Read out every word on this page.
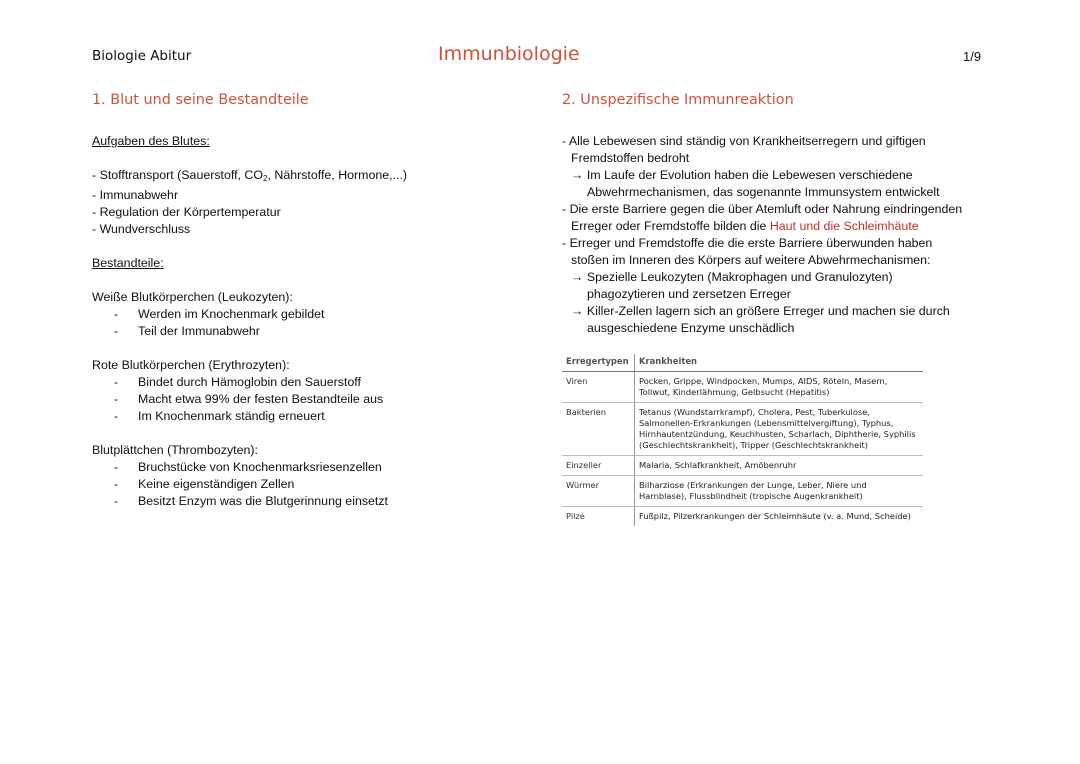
Biologie Abitur	Immunbiologie	1/9
1. Blut und seine Bestandteile
Aufgaben des Blutes:
- Stofftransport (Sauerstoff, $CO_2$, Nährstoffe, Hormone,...)
- Immunabwehr
- Regulation der Körpertemperatur
- Wundverschluss
Bestandteile:
Weiße Blutkörperchen (Leukozyten):
- Werden im Knochenmark gebildet
- Teil der Immunabwehr
Rote Blutkörperchen (Erythrozyten):
- Bindet durch Hämoglobin den Sauerstoff
- Macht etwa 99% der festen Bestandteile aus
- Im Knochenmark ständig erneuert
Blutplättchen (Thrombozyten):
- Bruchstücke von Knochenmarksriesenzellen
- Keine eigenständigen Zellen
- Besitzt Enzym was die Blutgerinnung einsetzt
2. Unspezifische Immunreaktion
- Alle Lebewesen sind ständig von Krankheitserregern und giftigen
Fremdstoffen bedroht
→ Im Laufe der Evolution haben die Lebewesen verschiedene
Abwehrmechanismen, das sogenannte Immunsystem entwickelt
- Die erste Barriere gegen die über Atemluft oder Nahrung eindringenden
Erreger oder Fremdstoffe bilden die Haut und die Schleimhäute
- Erreger und Fremdstoffe die die erste Barriere überwunden haben
stoßen im Inneren des Körpers auf weitere Abwehrmechanismen:
→ Spezielle Leukozyten (Makrophagen und Granulozyten)
phagozytieren und zersetzen Erreger
→ Killer-Zellen lagern sich an größere Erreger und machen sie durch
ausgeschiedene Enzyme unschädlich
Erregertypen	Krankheiten
Viren	Pocken, Grippe, Windpocken, Mumps, AIDS, Röteln, Masern, Tollwut, Kinderlähmung, Gelbsucht (Hepatitis)
Bakterien	Tetanus (Wundstarrkrampf), Cholera, Pest, Tuberkulose, Salmonellen-Erkrankungen (Lebensmittelvergiftung), Typhus, Hirnhautentzündung, Keuchhusten, Scharlach, Diphtherie, Syphilis (Geschlechtskrankheit), Tripper (Geschlechtskrankheit)
Einzeller	Malaria, Schlafkrankheit, Amöbenruhr
Würmer	Bilharziose (Erkrankungen der Lunge, Leber, Niere und Harnblase), Flussblindheit (tropische Augenkrankheit)
Pilze	Fußpilz, Pilzerkrankungen der Schleimhäute (v. a. Mund, Scheide)
